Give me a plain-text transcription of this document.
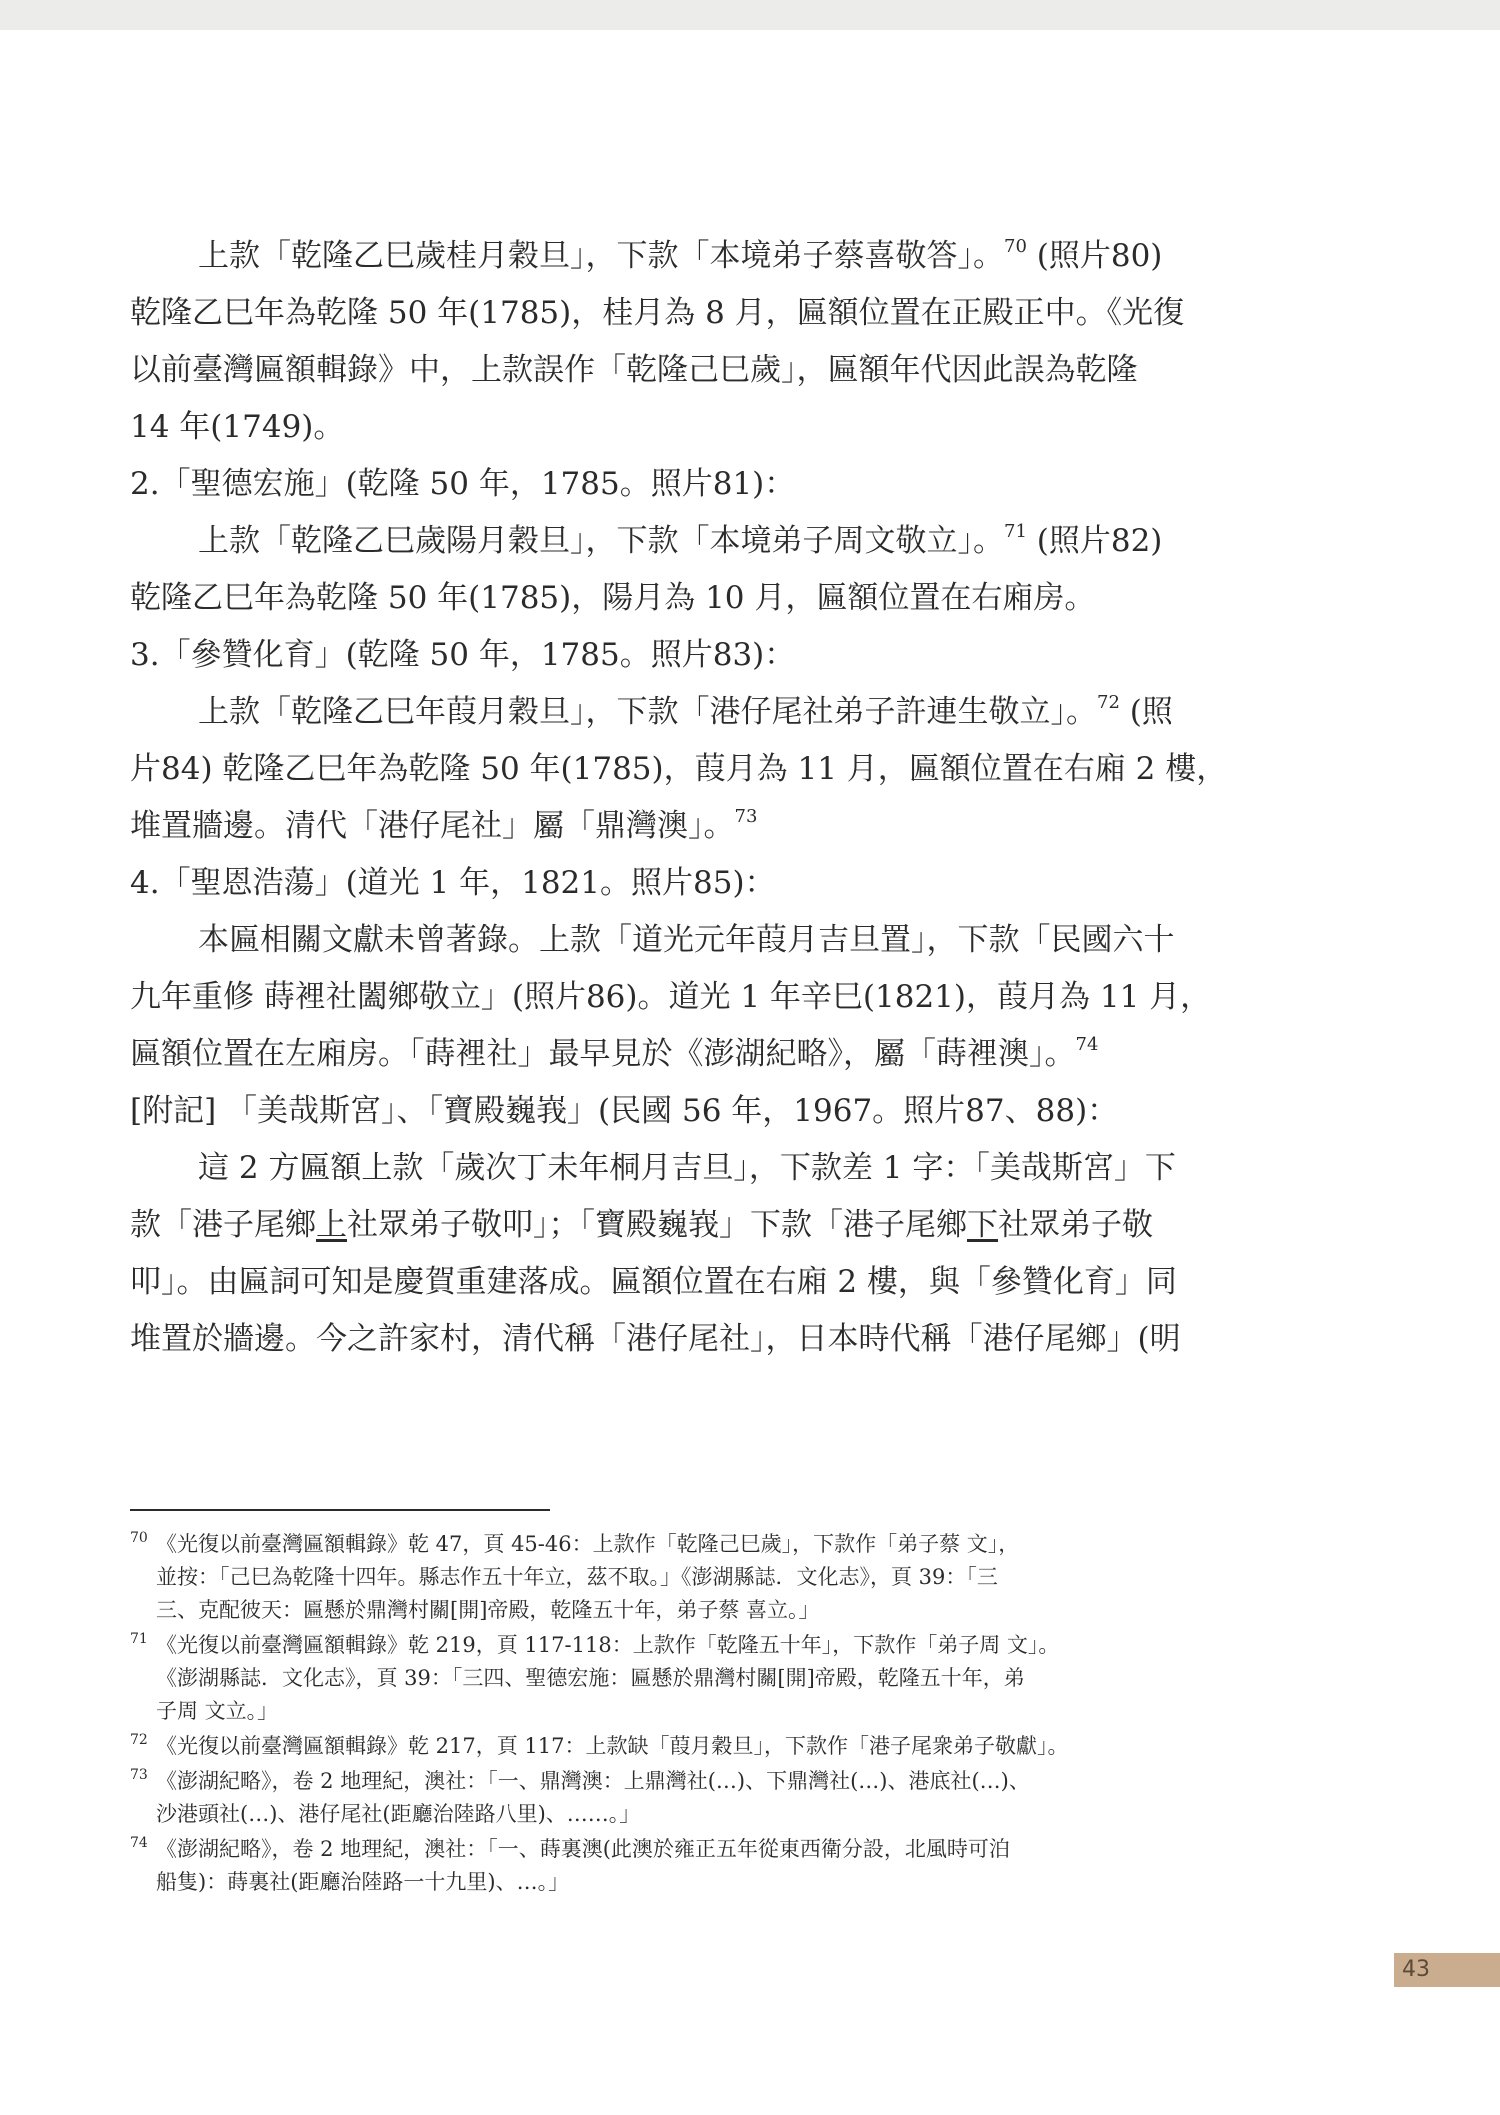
上款「乾隆乙巳歲桂月穀旦」，下款「本境弟子蔡喜敬答」。$^{70}$ (照片80)

乾隆乙巳年為乾隆 50 年(1785)，桂月為 8 月，匾額位置在正殿正中。《光復

以前臺灣匾額輯錄》中，上款誤作「乾隆己巳歲」，匾額年代因此誤為乾隆

14 年(1749)。

2.「聖德宏施」(乾隆 50 年，1785。照片81)：

上款「乾隆乙巳歲陽月穀旦」，下款「本境弟子周文敬立」。$^{71}$ (照片82)

乾隆乙巳年為乾隆 50 年(1785)，陽月為 10 月，匾額位置在右廂房。

3.「參贊化育」(乾隆 50 年，1785。照片83)：

上款「乾隆乙巳年葭月穀旦」，下款「港仔尾社弟子許連生敬立」。$^{72}$ (照

片84) 乾隆乙巳年為乾隆 50 年(1785)，葭月為 11 月，匾額位置在右廂 2 樓，

堆置牆邊。清代「港仔尾社」屬「鼎灣澳」。$^{73}$

4.「聖恩浩蕩」(道光 1 年，1821。照片85)：

本匾相關文獻未曾著錄。上款「道光元年葭月吉旦置」，下款「民國六十

九年重修 蒔裡社闔鄉敬立」(照片86)。道光 1 年辛巳(1821)，葭月為 11 月，

匾額位置在左廂房。「蒔裡社」最早見於《澎湖紀略》，屬「蒔裡澳」。$^{74}$

[附記] 「美哉斯宮」、「寶殿巍峩」(民國 56 年，1967。照片87、88)：

這 2 方匾額上款「歲次丁未年桐月吉旦」，下款差 1 字：「美哉斯宮」下

款「港子尾鄉上社眾弟子敬叩」；「寶殿巍峩」下款「港子尾鄉下社眾弟子敬

叩」。由匾詞可知是慶賀重建落成。匾額位置在右廂 2 樓，與「參贊化育」同

堆置於牆邊。今之許家村，清代稱「港仔尾社」，日本時代稱「港仔尾鄉」(明

70 《光復以前臺灣匾額輯錄》乾 47，頁 45-46：上款作「乾隆己巳歲」，下款作「弟子蔡 文」，

並按：「己巳為乾隆十四年。縣志作五十年立，茲不取。」《澎湖縣誌．文化志》，頁 39：「三

三、克配彼天：匾懸於鼎灣村關[開]帝殿，乾隆五十年，弟子蔡 喜立。」

71 《光復以前臺灣匾額輯錄》乾 219，頁 117-118：上款作「乾隆五十年」，下款作「弟子周 文」。

《澎湖縣誌．文化志》，頁 39：「三四、聖德宏施：匾懸於鼎灣村關[開]帝殿，乾隆五十年，弟

子周 文立。」

72 《光復以前臺灣匾額輯錄》乾 217，頁 117：上款缺「葭月穀旦」，下款作「港子尾衆弟子敬獻」。

73 《澎湖紀略》，卷 2 地理紀，澳社：「一、鼎灣澳：上鼎灣社(…)、下鼎灣社(…)、港底社(…)、

沙港頭社(…)、港仔尾社(距廳治陸路八里)、……。」

74 《澎湖紀略》，卷 2 地理紀，澳社：「一、蒔裏澳(此澳於雍正五年從東西衛分設，北風時可泊

船隻)：蒔裏社(距廳治陸路一十九里)、…。」

43
